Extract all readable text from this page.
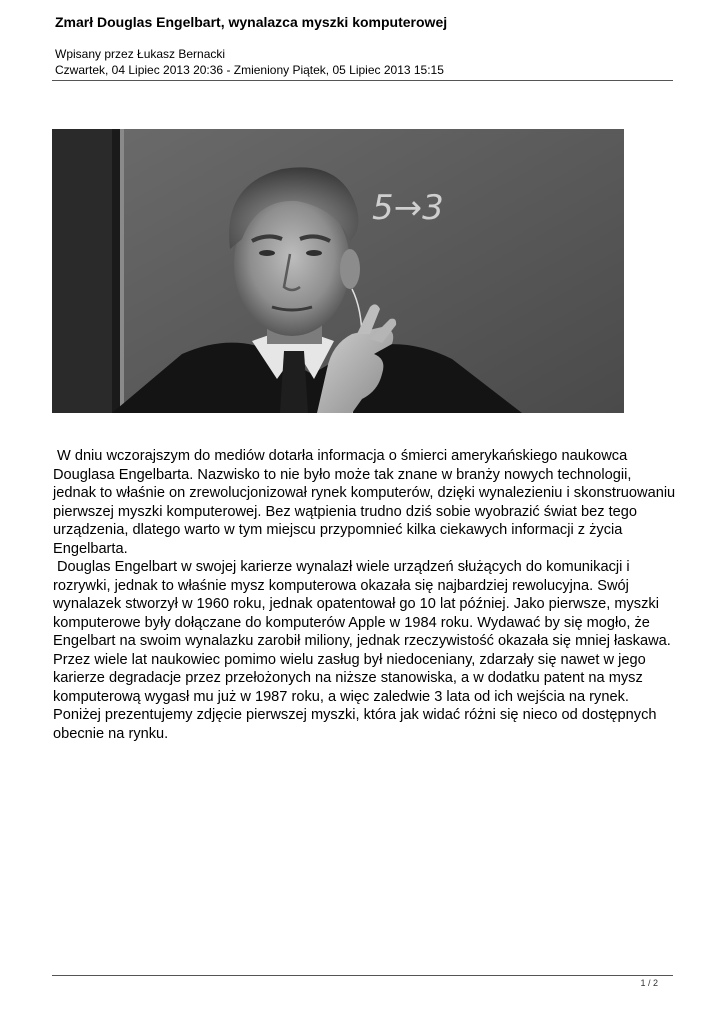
Zmarł Douglas Engelbart, wynalazca myszki komputerowej
Wpisany przez Łukasz Bernacki
Czwartek, 04 Lipiec 2013 20:36 - Zmieniony Piątek, 05 Lipiec 2013 15:15
5→3

W dniu wczorajszym do mediów dotarła informacja o śmierci amerykańskiego naukowca Douglasa Engelbarta. Nazwisko to nie było może tak znane w branży nowych technologii, jednak to właśnie on zrewolucjonizował rynek komputerów, dzięki wynalezieniu i skonstruowaniu pierwszej myszki komputerowej. Bez wątpienia trudno dziś sobie wyobrazić świat bez tego urządzenia, dlatego warto w tym miejscu przypomnieć kilka ciekawych informacji z życia Engelbarta.

Douglas Engelbart w swojej karierze wynalazł wiele urządzeń służących do komunikacji i rozrywki, jednak to właśnie mysz komputerowa okazała się najbardziej rewolucyjna. Swój wynalazek stworzył w 1960 roku, jednak opatentował go 10 lat później. Jako pierwsze, myszki komputerowe były dołączane do komputerów Apple w 1984 roku. Wydawać by się mogło, że Engelbart na swoim wynalazku zarobił miliony, jednak rzeczywistość okazała się mniej łaskawa. Przez wiele lat naukowiec pomimo wielu zasług był niedoceniany, zdarzały się nawet w jego karierze degradacje przez przełożonych na niższe stanowiska, a w dodatku patent na mysz komputerową wygasł mu już w 1987 roku, a więc zaledwie 3 lata od ich wejścia na rynek. Poniżej prezentujemy zdjęcie pierwszej myszki, która jak widać różni się nieco od dostępnych obecnie na rynku.

1 / 2
